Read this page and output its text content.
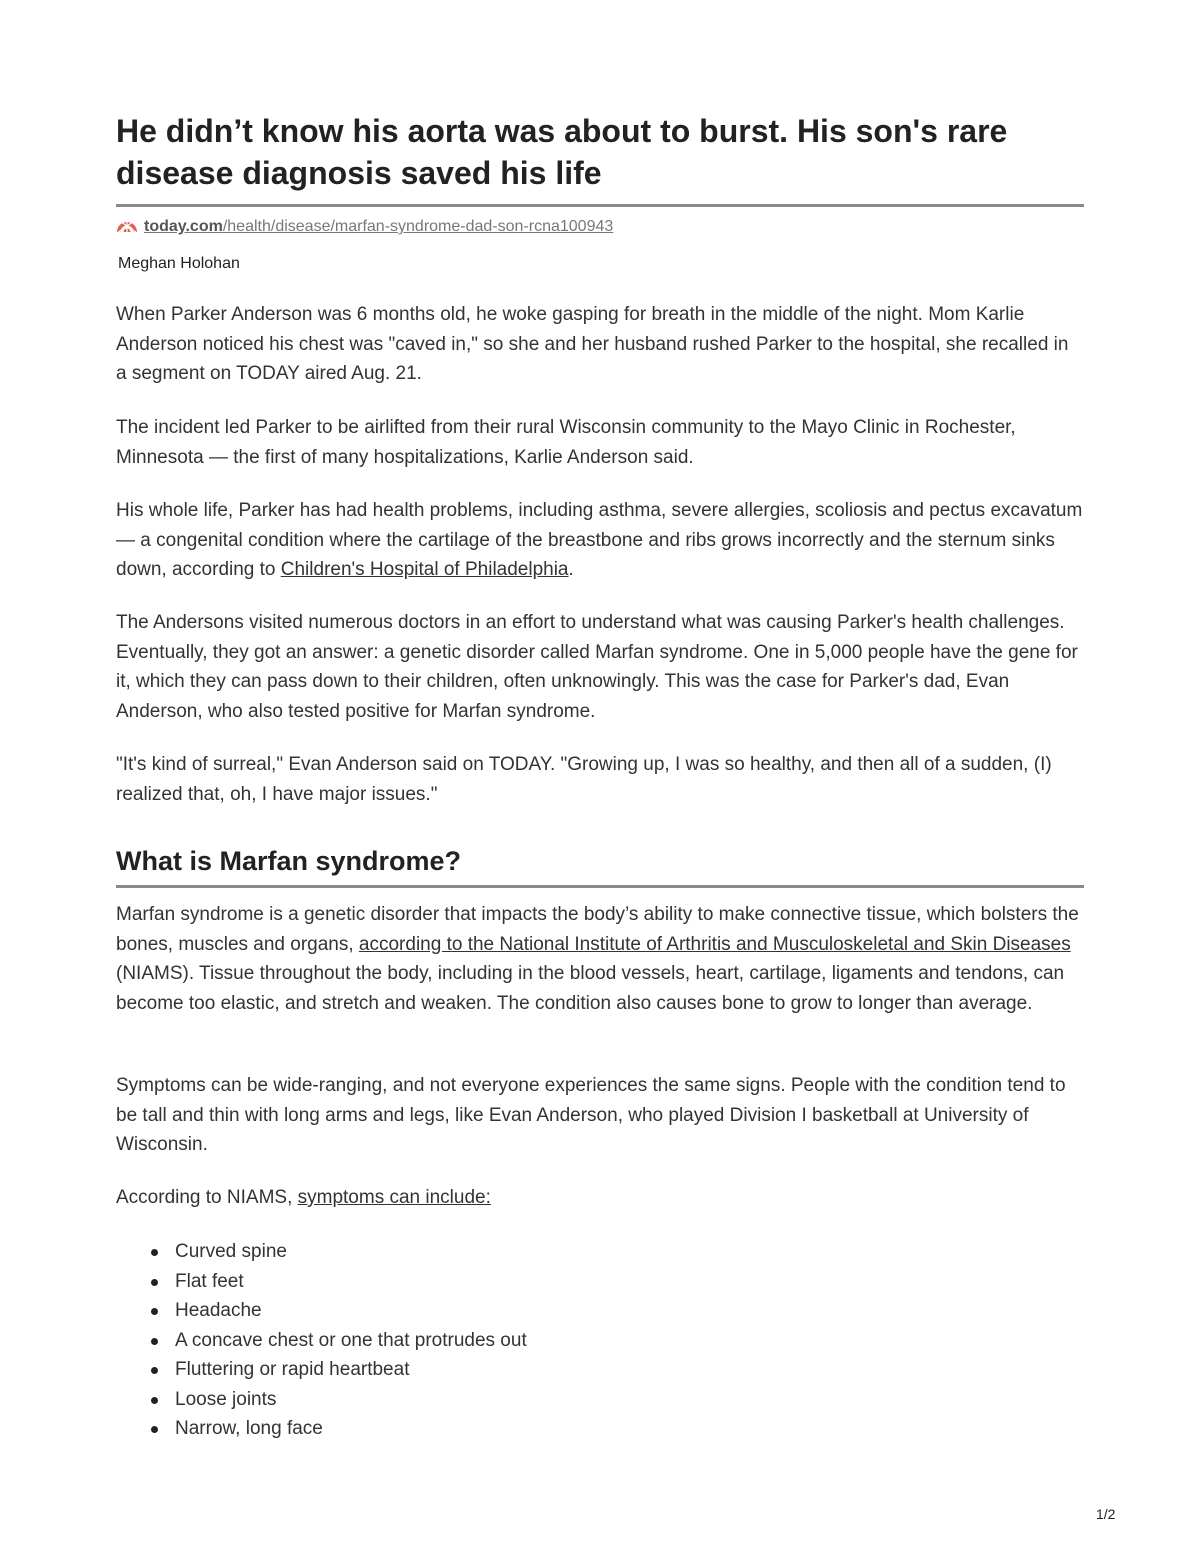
He didn’t know his aorta was about to burst. His son's rare disease diagnosis saved his life
today.com/health/disease/marfan-syndrome-dad-son-rcna100943
Meghan Holohan

When Parker Anderson was 6 months old, he woke gasping for breath in the middle of the night. Mom Karlie Anderson noticed his chest was "caved in," so she and her husband rushed Parker to the hospital, she recalled in a segment on TODAY aired Aug. 21.

The incident led Parker to be airlifted from their rural Wisconsin community to the Mayo Clinic in Rochester, Minnesota — the first of many hospitalizations, Karlie Anderson said.

His whole life, Parker has had health problems, including asthma, severe allergies, scoliosis and pectus excavatum — a congenital condition where the cartilage of the breastbone and ribs grows incorrectly and the sternum sinks down, according to Children's Hospital of Philadelphia.

The Andersons visited numerous doctors in an effort to understand what was causing Parker's health challenges. Eventually, they got an answer: a genetic disorder called Marfan syndrome. One in 5,000 people have the gene for it, which they can pass down to their children, often unknowingly. This was the case for Parker's dad, Evan Anderson, who also tested positive for Marfan syndrome.

"It's kind of surreal," Evan Anderson said on TODAY. "Growing up, I was so healthy, and then all of a sudden, (I) realized that, oh, I have major issues."

What is Marfan syndrome?

Marfan syndrome is a genetic disorder that impacts the body’s ability to make connective tissue, which bolsters the bones, muscles and organs, according to the National Institute of Arthritis and Musculoskeletal and Skin Diseases (NIAMS). Tissue throughout the body, including in the blood vessels, heart, cartilage, ligaments and tendons, can become too elastic, and stretch and weaken. The condition also causes bone to grow to longer than average.

Symptoms can be wide-ranging, and not everyone experiences the same signs. People with the condition tend to be tall and thin with long arms and legs, like Evan Anderson, who played Division I basketball at University of Wisconsin.

According to NIAMS, symptoms can include:

Curved spine
Flat feet
Headache
A concave chest or one that protrudes out
Fluttering or rapid heartbeat
Loose joints
Narrow, long face
1/2
